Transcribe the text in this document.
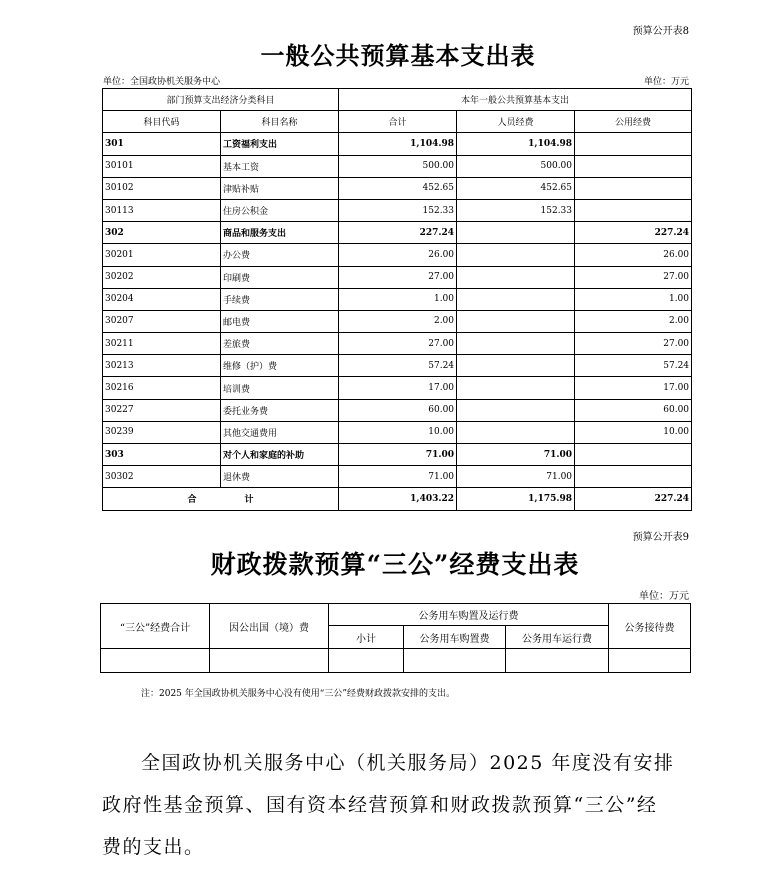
预算公开表8
一般公共预算基本支出表
单位：全国政协机关服务中心	单位：万元
部门预算支出经济分类科目		本年一般公共预算基本支出		
科目代码	科目名称	合计	人员经费	公用经费
301	工资福利支出	1,104.98	1,104.98	
30101	基本工资	500.00	500.00	
30102	津贴补贴	452.65	452.65	
30113	住房公积金	152.33	152.33	
302	商品和服务支出	227.24		227.24
30201	办公费	26.00		26.00
30202	印刷费	27.00		27.00
30204	手续费	1.00		1.00
30207	邮电费	2.00		2.00
30211	差旅费	27.00		27.00
30213	维修（护）费	57.24		57.24
30216	培训费	17.00		17.00
30227	委托业务费	60.00		60.00
30239	其他交通费用	10.00		10.00
303	对个人和家庭的补助	71.00	71.00	
30302	退休费	71.00	71.00	
合 计		1,403.22	1,175.98	227.24
预算公开表9
财政拨款预算“三公”经费支出表
单位：万元
“三公”经费合计	因公出国（境）费	公务用车购置及运行费			公务接待费
		小计	公务用车购置费	公务用车运行费	

注：2025 年全国政协机关服务中心没有使用“三公”经费财政拨款安排的支出。
全国政协机关服务中心（机关服务局）2025 年度没有安排
政府性基金预算、国有资本经营预算和财政拨款预算“三公”经
费的支出。
